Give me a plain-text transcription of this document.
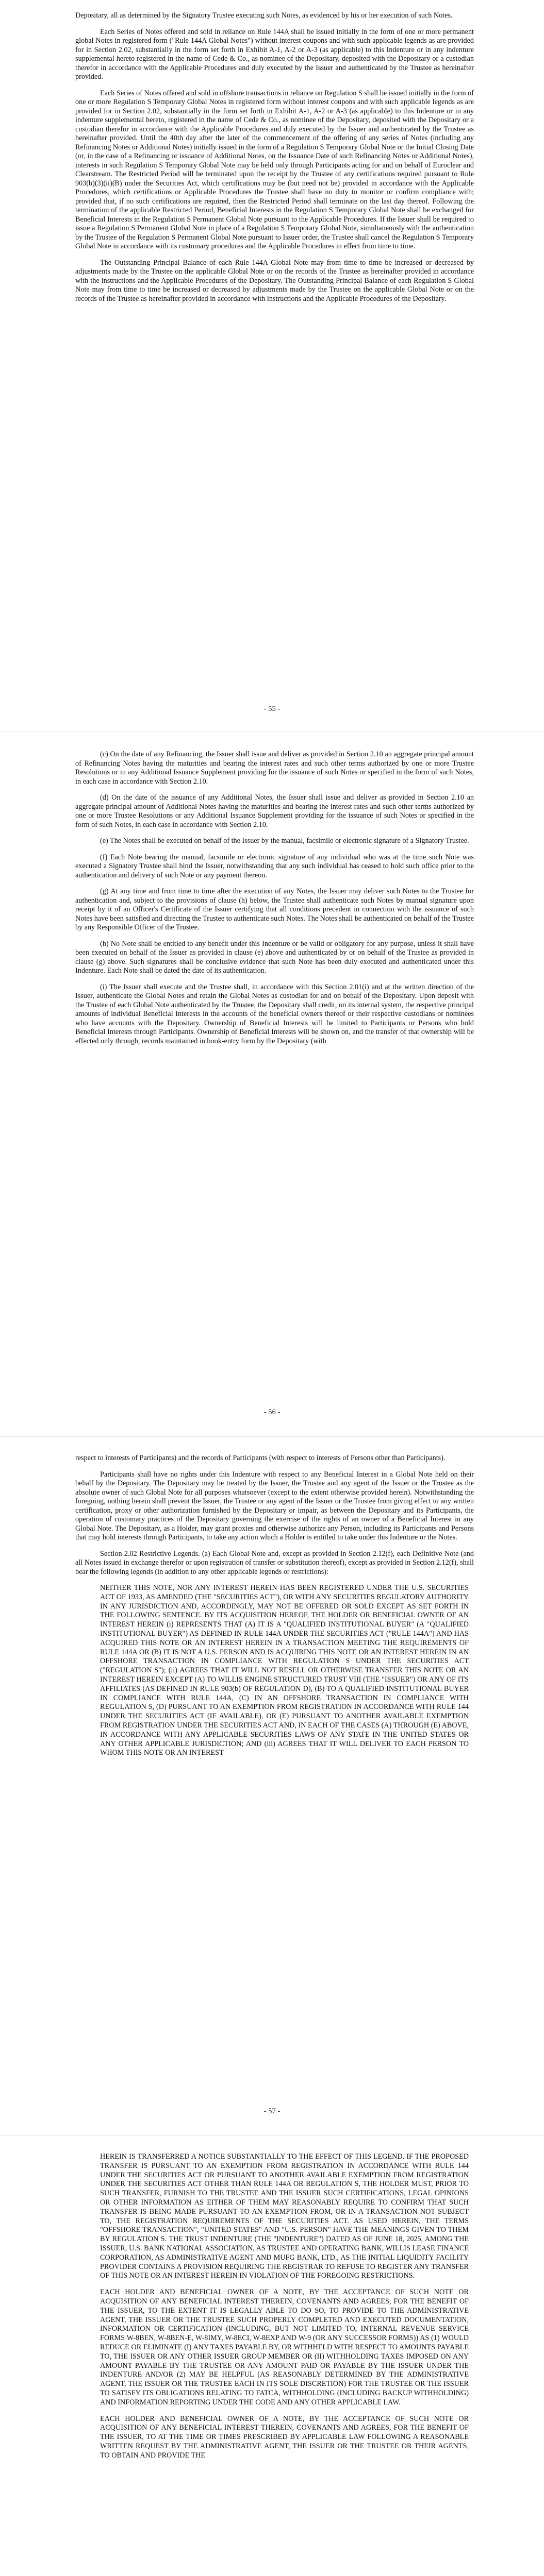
Depositary, all as determined by the Signatory Trustee executing such Notes, as evidenced by his or her execution of such Notes.

Each Series of Notes offered and sold in reliance on Rule 144A shall be issued initially in the form of one or more permanent global Notes in registered form ("Rule 144A Global Notes") without interest coupons and with such applicable legends as are provided for in Section 2.02, substantially in the form set forth in Exhibit A-1, A-2 or A-3 (as applicable) to this Indenture or in any indenture supplemental hereto registered in the name of Cede & Co., as nominee of the Depositary, deposited with the Depositary or a custodian therefor in accordance with the Applicable Procedures and duly executed by the Issuer and authenticated by the Trustee as hereinafter provided.

Each Series of Notes offered and sold in offshore transactions in reliance on Regulation S shall be issued initially in the form of one or more Regulation S Temporary Global Notes in registered form without interest coupons and with such applicable legends as are provided for in Section 2.02, substantially in the form set forth in Exhibit A-1, A-2 or A-3 (as applicable) to this Indenture or in any indenture supplemental hereto, registered in the name of Cede & Co., as nominee of the Depositary, deposited with the Depositary or a custodian therefor in accordance with the Applicable Procedures and duly executed by the Issuer and authenticated by the Trustee as hereinafter provided. Until the 40th day after the later of the commencement of the offering of any series of Notes (including any Refinancing Notes or Additional Notes) initially issued in the form of a Regulation S Temporary Global Note or the Initial Closing Date (or, in the case of a Refinancing or issuance of Additional Notes, on the Issuance Date of such Refinancing Notes or Additional Notes), interests in such Regulation S Temporary Global Note may be held only through Participants acting for and on behalf of Euroclear and Clearstream. The Restricted Period will be terminated upon the receipt by the Trustee of any certifications required pursuant to Rule 903(b)(3)(ii)(B) under the Securities Act, which certifications may be (but need not be) provided in accordance with the Applicable Procedures, which certifications or Applicable Procedures the Trustee shall have no duty to monitor or confirm compliance with; provided that, if no such certifications are required, then the Restricted Period shall terminate on the last day thereof. Following the termination of the applicable Restricted Period, Beneficial Interests in the Regulation S Temporary Global Note shall be exchanged for Beneficial Interests in the Regulation S Permanent Global Note pursuant to the Applicable Procedures. If the Issuer shall be required to issue a Regulation S Permanent Global Note in place of a Regulation S Temporary Global Note, simultaneously with the authentication by the Trustee of the Regulation S Permanent Global Note pursuant to Issuer order, the Trustee shall cancel the Regulation S Temporary Global Note in accordance with its customary procedures and the Applicable Procedures in effect from time to time.

The Outstanding Principal Balance of each Rule 144A Global Note may from time to time be increased or decreased by adjustments made by the Trustee on the applicable Global Note or on the records of the Trustee as hereinafter provided in accordance with the instructions and the Applicable Procedures of the Depositary. The Outstanding Principal Balance of each Regulation S Global Note may from time to time be increased or decreased by adjustments made by the Trustee on the applicable Global Note or on the records of the Trustee as hereinafter provided in accordance with instructions and the Applicable Procedures of the Depositary.

- 55 -

(c) On the date of any Refinancing, the Issuer shall issue and deliver as provided in Section 2.10 an aggregate principal amount of Refinancing Notes having the maturities and bearing the interest rates and such other terms authorized by one or more Trustee Resolutions or in any Additional Issuance Supplement providing for the issuance of such Notes or specified in the form of such Notes, in each case in accordance with Section 2.10.

(d) On the date of the issuance of any Additional Notes, the Issuer shall issue and deliver as provided in Section 2.10 an aggregate principal amount of Additional Notes having the maturities and bearing the interest rates and such other terms authorized by one or more Trustee Resolutions or any Additional Issuance Supplement providing for the issuance of such Notes or specified in the form of such Notes, in each case in accordance with Section 2.10.

(e) The Notes shall be executed on behalf of the Issuer by the manual, facsimile or electronic signature of a Signatory Trustee.

(f) Each Note bearing the manual, facsimile or electronic signature of any individual who was at the time such Note was executed a Signatory Trustee shall bind the Issuer, notwithstanding that any such individual has ceased to hold such office prior to the authentication and delivery of such Note or any payment thereon.

(g) At any time and from time to time after the execution of any Notes, the Issuer may deliver such Notes to the Trustee for authentication and, subject to the provisions of clause (h) below, the Trustee shall authenticate such Notes by manual signature upon receipt by it of an Officer's Certificate of the Issuer certifying that all conditions precedent in connection with the issuance of such Notes have been satisfied and directing the Trustee to authenticate such Notes. The Notes shall be authenticated on behalf of the Trustee by any Responsible Officer of the Trustee.

(h) No Note shall be entitled to any benefit under this Indenture or be valid or obligatory for any purpose, unless it shall have been executed on behalf of the Issuer as provided in clause (e) above and authenticated by or on behalf of the Trustee as provided in clause (g) above. Such signatures shall be conclusive evidence that such Note has been duly executed and authenticated under this Indenture. Each Note shall be dated the date of its authentication.

(i) The Issuer shall execute and the Trustee shall, in accordance with this Section 2.01(i) and at the written direction of the Issuer, authenticate the Global Notes and retain the Global Notes as custodian for and on behalf of the Depositary. Upon deposit with the Trustee of each Global Note authenticated by the Trustee, the Depositary shall credit, on its internal system, the respective principal amounts of individual Beneficial Interests in the accounts of the beneficial owners thereof or their respective custodians or nominees who have accounts with the Depositary. Ownership of Beneficial Interests will be limited to Participants or Persons who hold Beneficial Interests through Participants. Ownership of Beneficial Interests will be shown on, and the transfer of that ownership will be effected only through, records maintained in book-entry form by the Depositary (with

- 56 -

respect to interests of Participants) and the records of Participants (with respect to interests of Persons other than Participants).

Participants shall have no rights under this Indenture with respect to any Beneficial Interest in a Global Note held on their behalf by the Depositary. The Depositary may be treated by the Issuer, the Trustee and any agent of the Issuer or the Trustee as the absolute owner of such Global Note for all purposes whatsoever (except to the extent otherwise provided herein). Notwithstanding the foregoing, nothing herein shall prevent the Issuer, the Trustee or any agent of the Issuer or the Trustee from giving effect to any written certification, proxy or other authorization furnished by the Depositary or impair, as between the Depositary and its Participants, the operation of customary practices of the Depositary governing the exercise of the rights of an owner of a Beneficial Interest in any Global Note. The Depositary, as a Holder, may grant proxies and otherwise authorize any Person, including its Participants and Persons that may hold interests through Participants, to take any action which a Holder is entitled to take under this Indenture or the Notes.

Section 2.02 Restrictive Legends. (a) Each Global Note and, except as provided in Section 2.12(f), each Definitive Note (and all Notes issued in exchange therefor or upon registration of transfer or substitution thereof), except as provided in Section 2.12(f), shall bear the following legends (in addition to any other applicable legends or restrictions):

NEITHER THIS NOTE, NOR ANY INTEREST HEREIN HAS BEEN REGISTERED UNDER THE U.S. SECURITIES ACT OF 1933, AS AMENDED (THE "SECURITIES ACT"), OR WITH ANY SECURITIES REGULATORY AUTHORITY IN ANY JURISDICTION AND, ACCORDINGLY, MAY NOT BE OFFERED OR SOLD EXCEPT AS SET FORTH IN THE FOLLOWING SENTENCE. BY ITS ACQUISITION HEREOF, THE HOLDER OR BENEFICIAL OWNER OF AN INTEREST HEREIN (i) REPRESENTS THAT (A) IT IS A "QUALIFIED INSTITUTIONAL BUYER" (A "QUALIFIED INSTITUTIONAL BUYER") AS DEFINED IN RULE 144A UNDER THE SECURITIES ACT ("RULE 144A") AND HAS ACQUIRED THIS NOTE OR AN INTEREST HEREIN IN A TRANSACTION MEETING THE REQUIREMENTS OF RULE 144A OR (B) IT IS NOT A U.S. PERSON AND IS ACQUIRING THIS NOTE OR AN INTEREST HEREIN IN AN OFFSHORE TRANSACTION IN COMPLIANCE WITH REGULATION S UNDER THE SECURITIES ACT ("REGULATION S"); (ii) AGREES THAT IT WILL NOT RESELL OR OTHERWISE TRANSFER THIS NOTE OR AN INTEREST HEREIN EXCEPT (A) TO WILLIS ENGINE STRUCTURED TRUST VIII (THE "ISSUER") OR ANY OF ITS AFFILIATES (AS DEFINED IN RULE 903(b) OF REGULATION D), (B) TO A QUALIFIED INSTITUTIONAL BUYER IN COMPLIANCE WITH RULE 144A, (C) IN AN OFFSHORE TRANSACTION IN COMPLIANCE WITH REGULATION S, (D) PURSUANT TO AN EXEMPTION FROM REGISTRATION IN ACCORDANCE WITH RULE 144 UNDER THE SECURITIES ACT (IF AVAILABLE), OR (E) PURSUANT TO ANOTHER AVAILABLE EXEMPTION FROM REGISTRATION UNDER THE SECURITIES ACT AND, IN EACH OF THE CASES (A) THROUGH (E) ABOVE, IN ACCORDANCE WITH ANY APPLICABLE SECURITIES LAWS OF ANY STATE IN THE UNITED STATES OR ANY OTHER APPLICABLE JURISDICTION; AND (iii) AGREES THAT IT WILL DELIVER TO EACH PERSON TO WHOM THIS NOTE OR AN INTEREST

- 57 -

HEREIN IS TRANSFERRED A NOTICE SUBSTANTIALLY TO THE EFFECT OF THIS LEGEND. IF THE PROPOSED TRANSFER IS PURSUANT TO AN EXEMPTION FROM REGISTRATION IN ACCORDANCE WITH RULE 144 UNDER THE SECURITIES ACT OR PURSUANT TO ANOTHER AVAILABLE EXEMPTION FROM REGISTRATION UNDER THE SECURITIES ACT OTHER THAN RULE 144A OR REGULATION S, THE HOLDER MUST, PRIOR TO SUCH TRANSFER, FURNISH TO THE TRUSTEE AND THE ISSUER SUCH CERTIFICATIONS, LEGAL OPINIONS OR OTHER INFORMATION AS EITHER OF THEM MAY REASONABLY REQUIRE TO CONFIRM THAT SUCH TRANSFER IS BEING MADE PURSUANT TO AN EXEMPTION FROM, OR IN A TRANSACTION NOT SUBJECT TO, THE REGISTRATION REQUIREMENTS OF THE SECURITIES ACT. AS USED HEREIN, THE TERMS "OFFSHORE TRANSACTION", "UNITED STATES" AND "U.S. PERSON" HAVE THE MEANINGS GIVEN TO THEM BY REGULATION S. THE TRUST INDENTURE (THE "INDENTURE") DATED AS OF JUNE 18, 2025, AMONG THE ISSUER, U.S. BANK NATIONAL ASSOCIATION, AS TRUSTEE AND OPERATING BANK, WILLIS LEASE FINANCE CORPORATION, AS ADMINISTRATIVE AGENT AND MUFG BANK, LTD., AS THE INITIAL LIQUIDITY FACILITY PROVIDER CONTAINS A PROVISION REQUIRING THE REGISTRAR TO REFUSE TO REGISTER ANY TRANSFER OF THIS NOTE OR AN INTEREST HEREIN IN VIOLATION OF THE FOREGOING RESTRICTIONS.

EACH HOLDER AND BENEFICIAL OWNER OF A NOTE, BY THE ACCEPTANCE OF SUCH NOTE OR ACQUISITION OF ANY BENEFICIAL INTEREST THEREIN, COVENANTS AND AGREES, FOR THE BENEFIT OF THE ISSUER, TO THE EXTENT IT IS LEGALLY ABLE TO DO SO, TO PROVIDE TO THE ADMINISTRATIVE AGENT, THE ISSUER OR THE TRUSTEE SUCH PROPERLY COMPLETED AND EXECUTED DOCUMENTATION, INFORMATION OR CERTIFICATION (INCLUDING, BUT NOT LIMITED TO, INTERNAL REVENUE SERVICE FORMS W-8BEN, W-8BEN-E, W-8IMY, W-8ECI, W-8EXP AND W-9 (OR ANY SUCCESSOR FORMS)) AS (1) WOULD REDUCE OR ELIMINATE (I) ANY TAXES PAYABLE BY, OR WITHHELD WITH RESPECT TO AMOUNTS PAYABLE TO, THE ISSUER OR ANY OTHER ISSUER GROUP MEMBER OR (II) WITHHOLDING TAXES IMPOSED ON ANY AMOUNT PAYABLE BY THE TRUSTEE OR ANY AMOUNT PAID OR PAYABLE BY THE ISSUER UNDER THE INDENTURE AND/OR (2) MAY BE HELPFUL (AS REASONABLY DETERMINED BY THE ADMINISTRATIVE AGENT, THE ISSUER OR THE TRUSTEE EACH IN ITS SOLE DISCRETION) FOR THE TRUSTEE OR THE ISSUER TO SATISFY ITS OBLIGATIONS RELATING TO FATCA, WITHHOLDING (INCLUDING BACKUP WITHHOLDING) AND INFORMATION REPORTING UNDER THE CODE AND ANY OTHER APPLICABLE LAW.

EACH HOLDER AND BENEFICIAL OWNER OF A NOTE, BY THE ACCEPTANCE OF SUCH NOTE OR ACQUISITION OF ANY BENEFICIAL INTEREST THEREIN, COVENANTS AND AGREES, FOR THE BENEFIT OF THE ISSUER, TO AT THE TIME OR TIMES PRESCRIBED BY APPLICABLE LAW FOLLOWING A REASONABLE WRITTEN REQUEST BY THE ADMINISTRATIVE AGENT, THE ISSUER OR THE TRUSTEE OR THEIR AGENTS, TO OBTAIN AND PROVIDE THE
